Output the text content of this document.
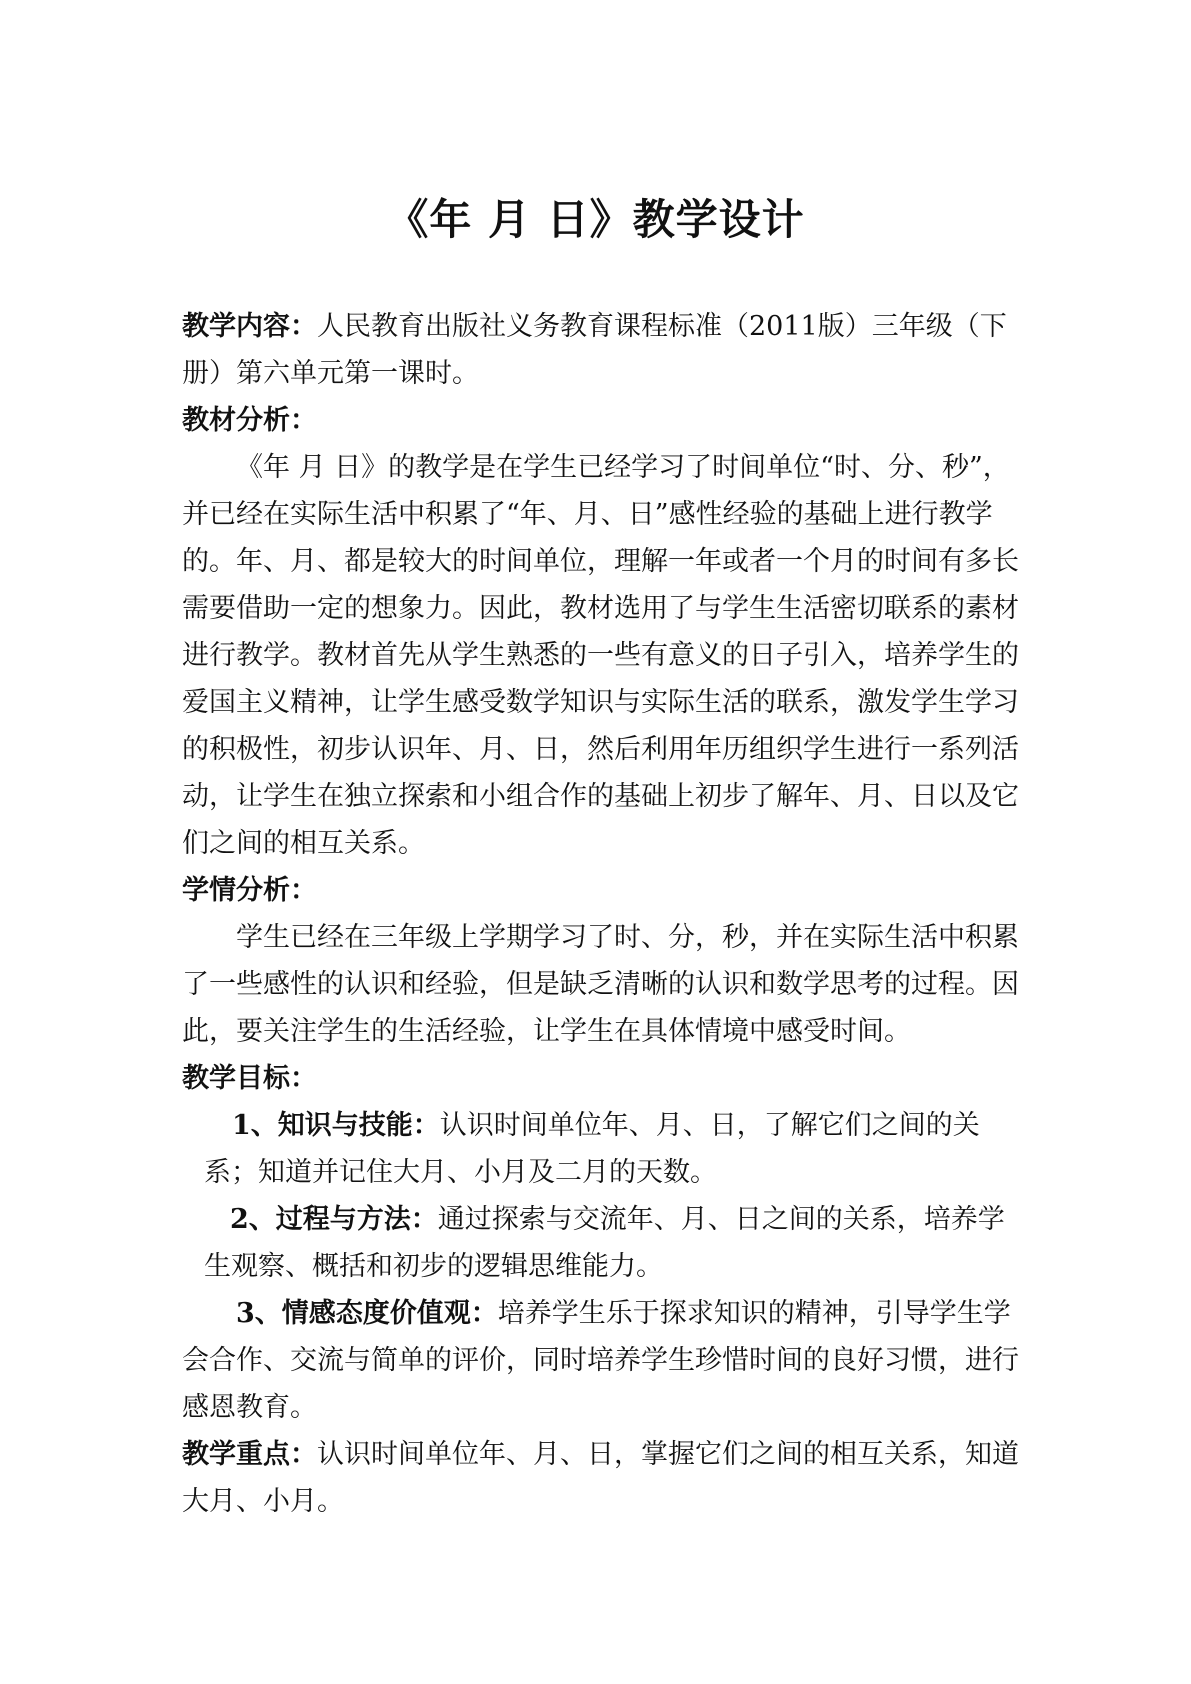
《年 月 日》教学设计

教学内容：人民教育出版社义务教育课程标准（2011版）三年级（下册）第六单元第一课时。

教材分析：

《年 月 日》的教学是在学生已经学习了时间单位“时、分、秒”，并已经在实际生活中积累了“年、月、日”感性经验的基础上进行教学的。年、月、都是较大的时间单位，理解一年或者一个月的时间有多长需要借助一定的想象力。因此，教材选用了与学生生活密切联系的素材进行教学。教材首先从学生熟悉的一些有意义的日子引入，培养学生的爱国主义精神，让学生感受数学知识与实际生活的联系，激发学生学习的积极性，初步认识年、月、日，然后利用年历组织学生进行一系列活动，让学生在独立探索和小组合作的基础上初步了解年、月、日以及它们之间的相互关系。

学情分析：

学生已经在三年级上学期学习了时、分，秒，并在实际生活中积累了一些感性的认识和经验，但是缺乏清晰的认识和数学思考的过程。因此，要关注学生的生活经验，让学生在具体情境中感受时间。

教学目标：

1、知识与技能：认识时间单位年、月、日，了解它们之间的关系；知道并记住大月、小月及二月的天数。

2、过程与方法：通过探索与交流年、月、日之间的关系，培养学生观察、概括和初步的逻辑思维能力。

3、情感态度价值观：培养学生乐于探求知识的精神，引导学生学会合作、交流与简单的评价，同时培养学生珍惜时间的良好习惯，进行感恩教育。

教学重点：认识时间单位年、月、日，掌握它们之间的相互关系，知道大月、小月。
